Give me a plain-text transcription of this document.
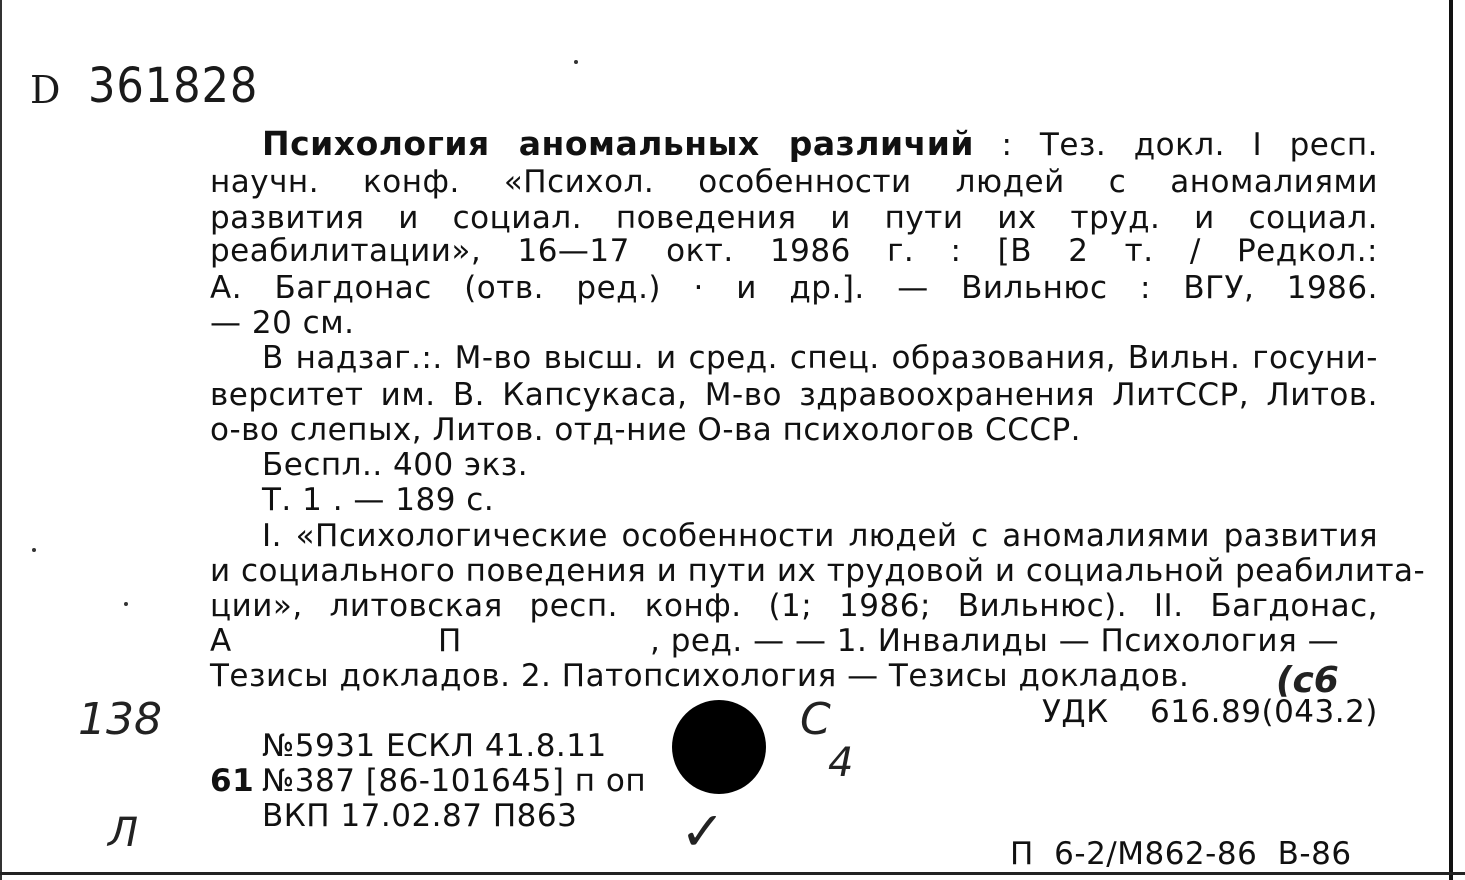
D 361828
Психология аномальных различий : Тез. докл. I респ.
научн. конф. «Психол. особенности людей с аномалиями
развития и социал. поведения и пути их труд. и социал.
реабилитации», 16—17 окт. 1986 г. : [В 2 т. / Редкол.:
А. Багдонас (отв. ред.) · и др.]. — Вильнюс : ВГУ, 1986.
— 20 см.
В надзаг.:. М-во высш. и сред. спец. образования, Вильн. госуни-
верситет им. В. Капсукаса, М-во здравоохранения ЛитССР, Литов.
о-во слепых, Литов. отд-ние О-ва психологов СССР.
Беспл.. 400 экз.
Т. 1 . — 189 с.
I. «Психологические особенности людей с аномалиями развития
и социального поведения и пути их трудовой и социальной реабилита-
ции», литовская респ. конф. (1; 1986; Вильнюс). II. Багдонас,
А	П	, ред. — — 1. Инвалиды — Психология —
Тезисы докладов. 2. Патопсихология — Тезисы докладов.
УДК 616.89(043.2)
№5931 ЕСКЛ 41.8.11
61 №387 [86-101645] п оп
ВКП 17.02.87 П863
П 6-2/М862-86 В-86
138
Л
С
4
✓
(с6
